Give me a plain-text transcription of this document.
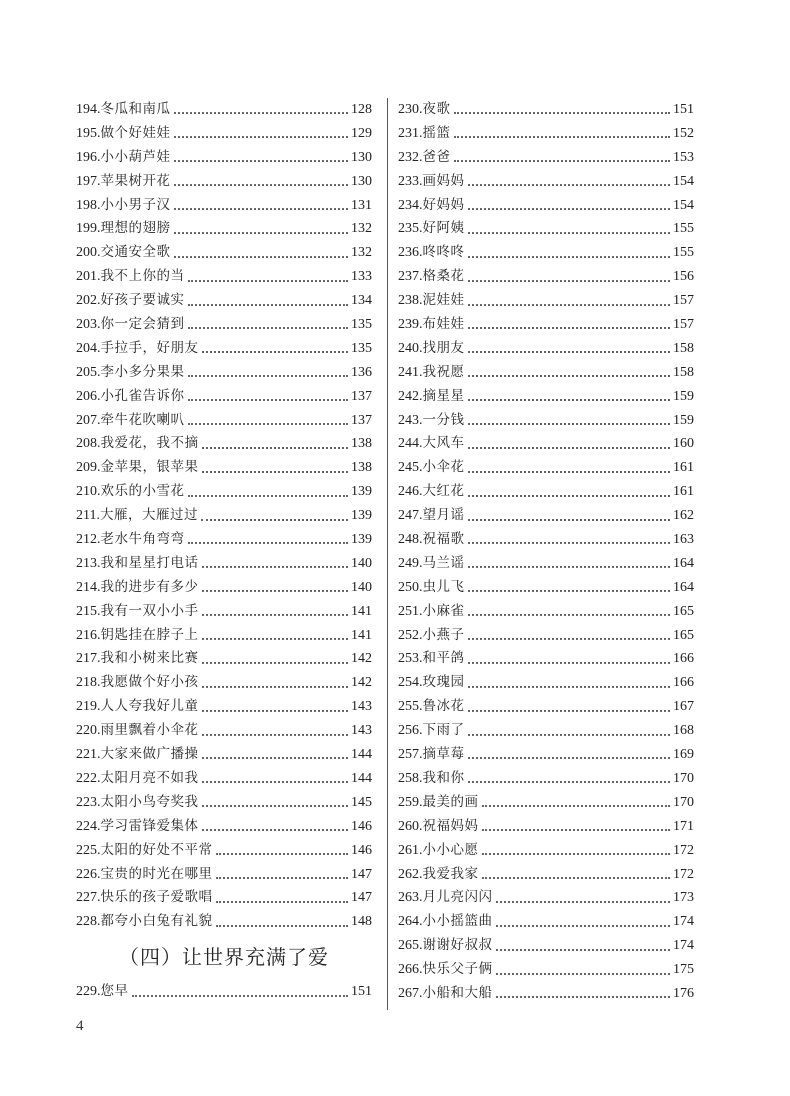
194. 冬瓜和南瓜	128
195. 做个好娃娃	129
196. 小小葫芦娃	130
197. 苹果树开花	130
198. 小小男子汉	131
199. 理想的翅膀	132
200. 交通安全歌	132
201. 我不上你的当	133
202. 好孩子要诚实	134
203. 你一定会猜到	135
204. 手拉手，好朋友	135
205. 李小多分果果	136
206. 小孔雀告诉你	137
207. 牵牛花吹喇叭	137
208. 我爱花，我不摘	138
209. 金苹果，银苹果	138
210. 欢乐的小雪花	139
211. 大雁，大雁过过	139
212. 老水牛角弯弯	139
213. 我和星星打电话	140
214. 我的进步有多少	140
215. 我有一双小小手	141
216. 钥匙挂在脖子上	141
217. 我和小树来比赛	142
218. 我愿做个好小孩	142
219. 人人夸我好儿童	143
220. 雨里飘着小伞花	143
221. 大家来做广播操	144
222. 太阳月亮不如我	144
223. 太阳小鸟夸奖我	145
224. 学习雷锋爱集体	146
225. 太阳的好处不平常	146
226. 宝贵的时光在哪里	147
227. 快乐的孩子爱歌唱	147
228. 都夸小白兔有礼貌	148
（四）让世界充满了爱
229. 您早	151
230. 夜歌	151
231. 摇篮	152
232. 爸爸	153
233. 画妈妈	154
234. 好妈妈	154
235. 好阿姨	155
236. 咚咚咚	155
237. 格桑花	156
238. 泥娃娃	157
239. 布娃娃	157
240. 找朋友	158
241. 我祝愿	158
242. 摘星星	159
243. 一分钱	159
244. 大风车	160
245. 小伞花	161
246. 大红花	161
247. 望月谣	162
248. 祝福歌	163
249. 马兰谣	164
250. 虫儿飞	164
251. 小麻雀	165
252. 小燕子	165
253. 和平鸽	166
254. 玫瑰园	166
255. 鲁冰花	167
256. 下雨了	168
257. 摘草莓	169
258. 我和你	170
259. 最美的画	170
260. 祝福妈妈	171
261. 小小心愿	172
262. 我爱我家	172
263. 月儿亮闪闪	173
264. 小小摇篮曲	174
265. 谢谢好叔叔	174
266. 快乐父子俩	175
267. 小船和大船	176
4
